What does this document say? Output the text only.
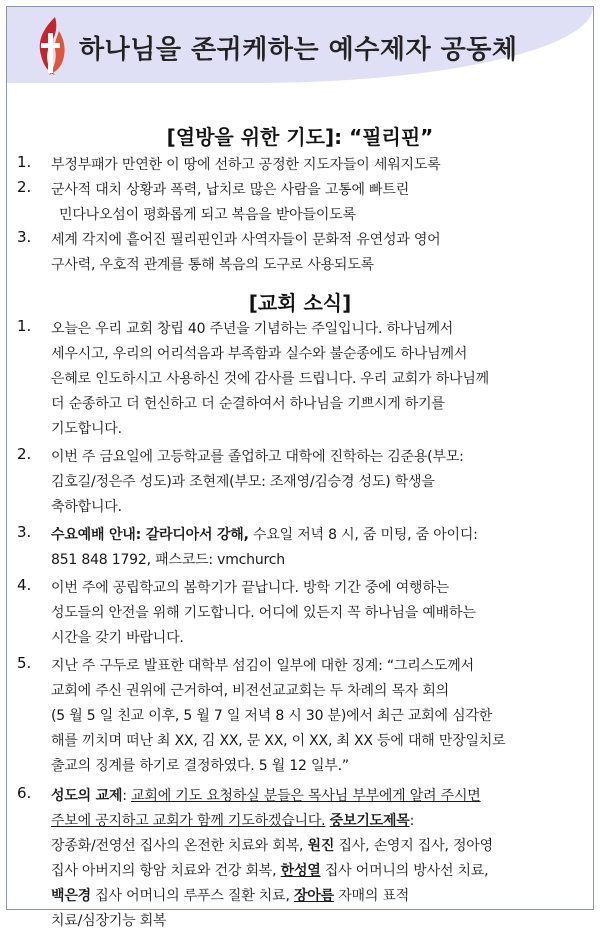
하나님을 존귀케하는 예수제자 공동체
[열방을 위한 기도]: “필리핀”
1. 부정부패가 만연한 이 땅에 선하고 공정한 지도자들이 세워지도록
2. 군사적 대치 상황과 폭력, 납치로 많은 사람을 고통에 빠트린
민다나오섬이 평화롭게 되고 복음을 받아들이도록
3. 세계 각지에 흩어진 필리핀인과 사역자들이 문화적 유연성과 영어
구사력, 우호적 관계를 통해 복음의 도구로 사용되도록
[교회 소식]
1. 오늘은 우리 교회 창립 40 주년을 기념하는 주일입니다. 하나님께서
세우시고, 우리의 어리석음과 부족함과 실수와 불순종에도 하나님께서
은혜로 인도하시고 사용하신 것에 감사를 드립니다. 우리 교회가 하나님께
더 순종하고 더 헌신하고 더 순결하여서 하나님을 기쁘시게 하기를
기도합니다.
2. 이번 주 금요일에 고등학교를 졸업하고 대학에 진학하는 김준용(부모:
김호길/정은주 성도)과 조현제(부모: 조재영/김승경 성도) 학생을
축하합니다.
3. 수요예배 안내: 갈라디아서 강해, 수요일 저녁 8 시, 줌 미팅, 줌 아이디:
851 848 1792, 패스코드: vmchurch
4. 이번 주에 공립학교의 봄학기가 끝납니다. 방학 기간 중에 여행하는
성도들의 안전을 위해 기도합니다. 어디에 있든지 꼭 하나님을 예배하는
시간을 갖기 바랍니다.
5. 지난 주 구두로 발표한 대학부 섬김이 일부에 대한 징계: “그리스도께서
교회에 주신 권위에 근거하여, 비전선교교회는 두 차례의 목자 회의
(5 월 5 일 친교 이후, 5 월 7 일 저녁 8 시 30 분)에서 최근 교회에 심각한
해를 끼치며 떠난 최 XX, 김 XX, 문 XX, 이 XX, 최 XX 등에 대해 만장일치로
출교의 징계를 하기로 결정하였다. 5 월 12 일부.”
6. 성도의 교제: 교회에 기도 요청하실 분들은 목사님 부부에게 알려 주시면
주보에 공지하고 교회가 함께 기도하겠습니다. 중보기도제목:
장종화/전영선 집사의 온전한 치료와 회복, 원진 집사, 손영지 집사, 정아영
집사 아버지의 항암 치료와 건강 회복, 한성열 집사 어머니의 방사선 치료,
백은경 집사 어머니의 루푸스 질환 치료, 장아름 자매의 표적
치료/심장기능 회복
